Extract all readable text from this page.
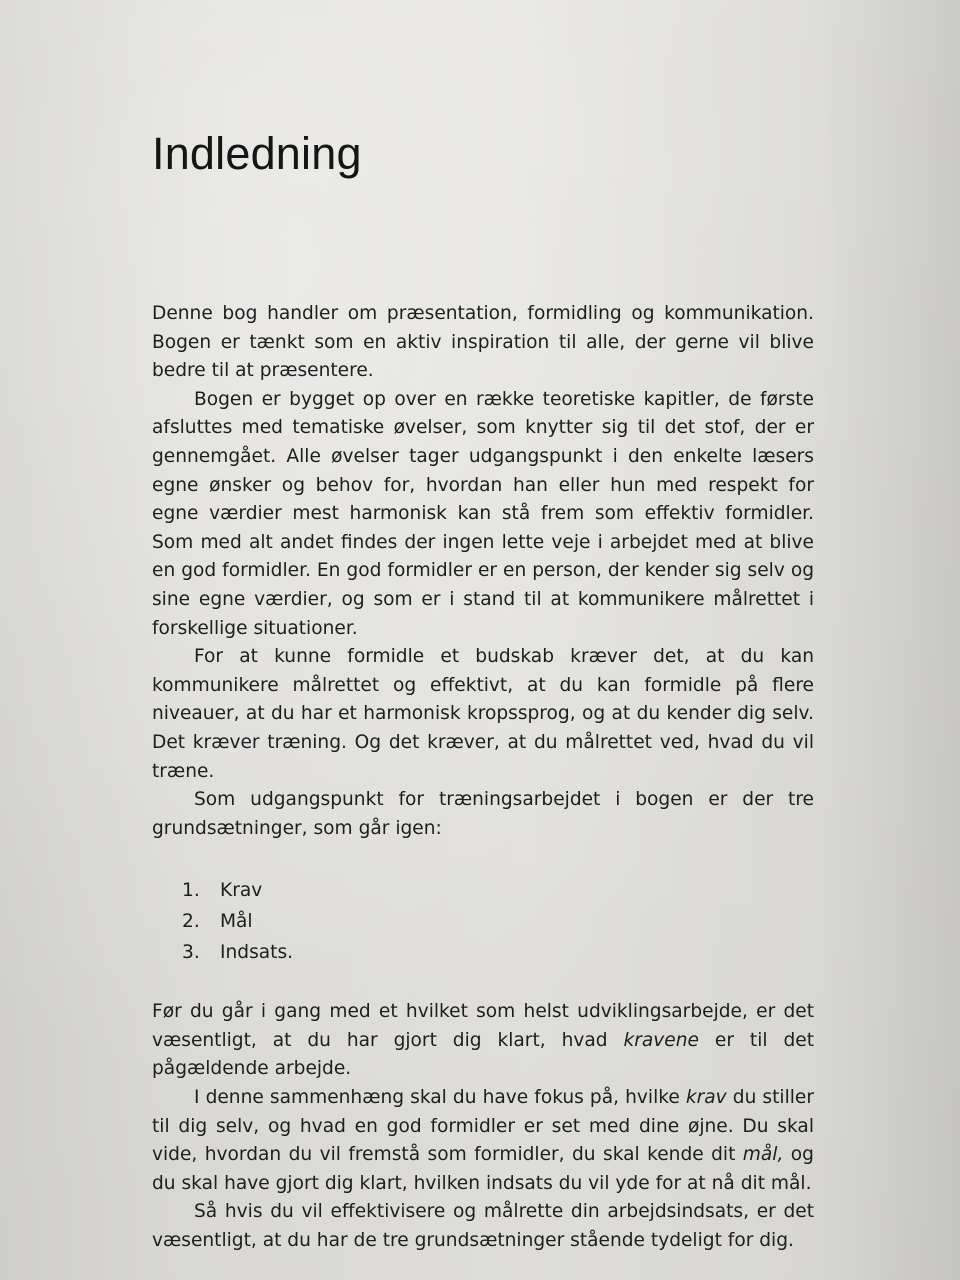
Indledning

Denne bog handler om præsentation, formidling og kommunikation. Bogen er tænkt som en aktiv inspiration til alle, der gerne vil blive bedre til at præsentere.

Bogen er bygget op over en række teoretiske kapitler, de første afsluttes med tematiske øvelser, som knytter sig til det stof, der er gennemgået. Alle øvelser tager udgangspunkt i den enkelte læsers egne ønsker og behov for, hvordan han eller hun med respekt for egne værdier mest harmonisk kan stå frem som effektiv formidler. Som med alt andet findes der ingen lette veje i arbejdet med at blive en god formidler. En god formidler er en person, der kender sig selv og sine egne værdier, og som er i stand til at kommunikere målrettet i forskellige situationer.

For at kunne formidle et budskab kræver det, at du kan kommunikere målrettet og effektivt, at du kan formidle på flere niveauer, at du har et harmonisk kropssprog, og at du kender dig selv. Det kræver træning. Og det kræver, at du målrettet ved, hvad du vil træne.

Som udgangspunkt for træningsarbejdet i bogen er der tre grundsætninger, som går igen:

1.	Krav
2.	Mål
3.	Indsats.

Før du går i gang med et hvilket som helst udviklingsarbejde, er det væsentligt, at du har gjort dig klart, hvad kravene er til det pågældende arbejde.

I denne sammenhæng skal du have fokus på, hvilke krav du stiller til dig selv, og hvad en god formidler er set med dine øjne. Du skal vide, hvordan du vil fremstå som formidler, du skal kende dit mål, og du skal have gjort dig klart, hvilken indsats du vil yde for at nå dit mål.

Så hvis du vil effektivisere og målrette din arbejdsindsats, er det væsentligt, at du har de tre grundsætninger stående tydeligt for dig.
